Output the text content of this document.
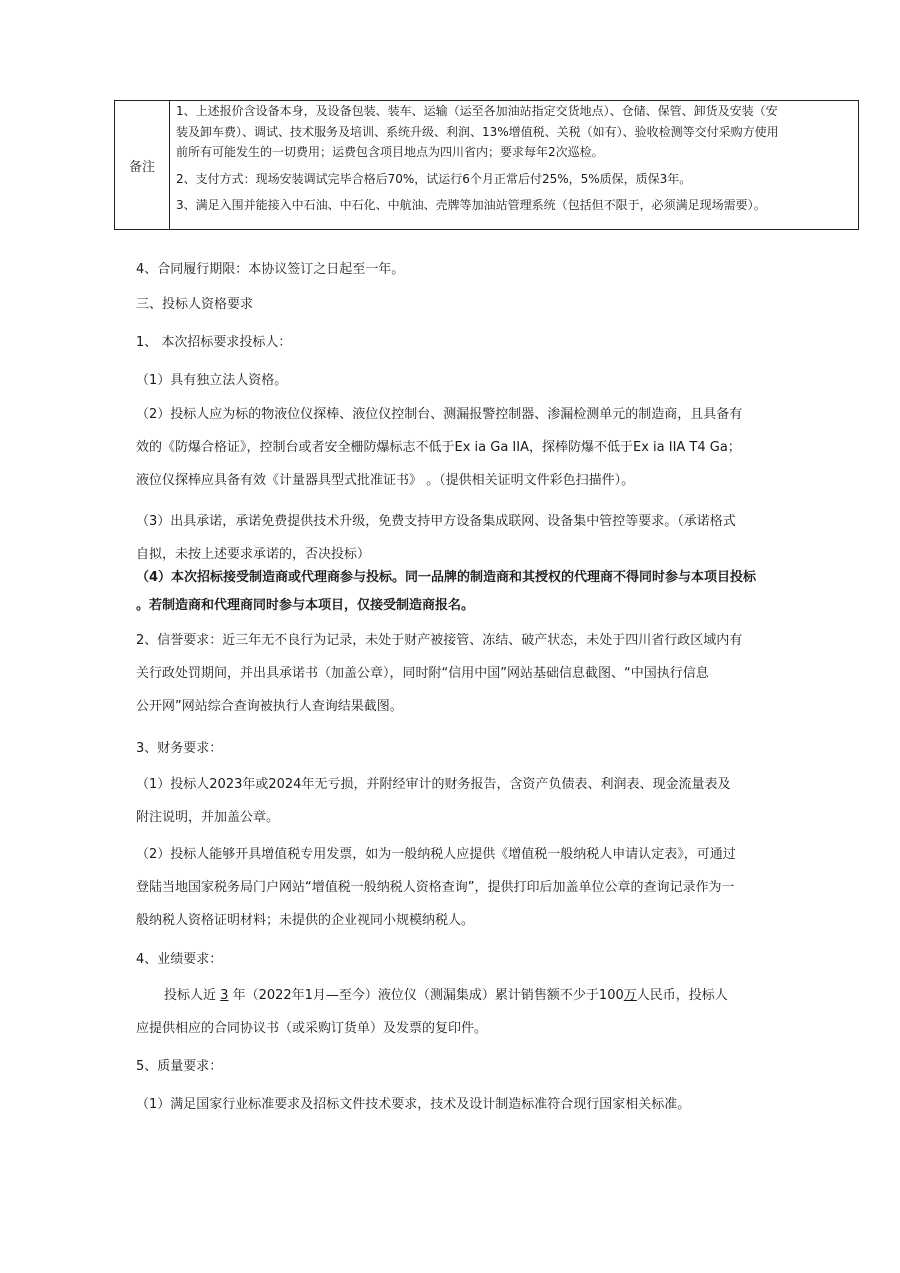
备注	

1、上述报价含设备本身，及设备包装、装车、运输（运至各加油站指定交货地点）、仓储、保管、卸货及安装（安

装及卸车费）、调试、技术服务及培训、系统升级、利润、13%增值税、关税（如有）、验收检测等交付采购方使用

前所有可能发生的一切费用；运费包含项目地点为四川省内；要求每年2次巡检。

2、支付方式：现场安装调试完毕合格后70%，试运行6个月正常后付25%，5%质保，质保3年。

3、满足入围并能接入中石油、中石化、中航油、壳牌等加油站管理系统（包括但不限于，必须满足现场需要）。

4、合同履行期限：本协议签订之日起至一年。
三、投标人资格要求
1、 本次招标要求投标人：
（1）具有独立法人资格。
（2）投标人应为标的物液位仪探棒、液位仪控制台、测漏报警控制器、渗漏检测单元的制造商，且具备有
效的《防爆合格证》，控制台或者安全栅防爆标志不低于Ex ia Ga IIA，探棒防爆不低于Ex ia IIA T4 Ga；
液位仪探棒应具备有效《计量器具型式批准证书》 。（提供相关证明文件彩色扫描件）。
（3）出具承诺，承诺免费提供技术升级，免费支持甲方设备集成联网、设备集中管控等要求。（承诺格式
自拟，未按上述要求承诺的，否决投标）
（4）本次招标接受制造商或代理商参与投标。同一品牌的制造商和其授权的代理商不得同时参与本项目投标
。若制造商和代理商同时参与本项目，仅接受制造商报名。
2、信誉要求：近三年无不良行为记录，未处于财产被接管、冻结、破产状态，未处于四川省行政区域内有
关行政处罚期间，并出具承诺书（加盖公章），同时附“信用中国”网站基础信息截图、“中国执行信息
公开网”网站综合查询被执行人查询结果截图。
3、财务要求：
（1）投标人2023年或2024年无亏损，并附经审计的财务报告，含资产负债表、利润表、现金流量表及
附注说明，并加盖公章。
（2）投标人能够开具增值税专用发票，如为一般纳税人应提供《增值税一般纳税人申请认定表》，可通过
登陆当地国家税务局门户网站“增值税一般纳税人资格查询”，提供打印后加盖单位公章的查询记录作为一
般纳税人资格证明材料；未提供的企业视同小规模纳税人。
4、业绩要求：
投标人近 3 年（2022年1月—至今）液位仪（测漏集成）累计销售额不少于100万人民币，投标人
应提供相应的合同协议书（或采购订货单）及发票的复印件。
5、质量要求：
（1）满足国家行业标准要求及招标文件技术要求，技术及设计制造标准符合现行国家相关标准。
